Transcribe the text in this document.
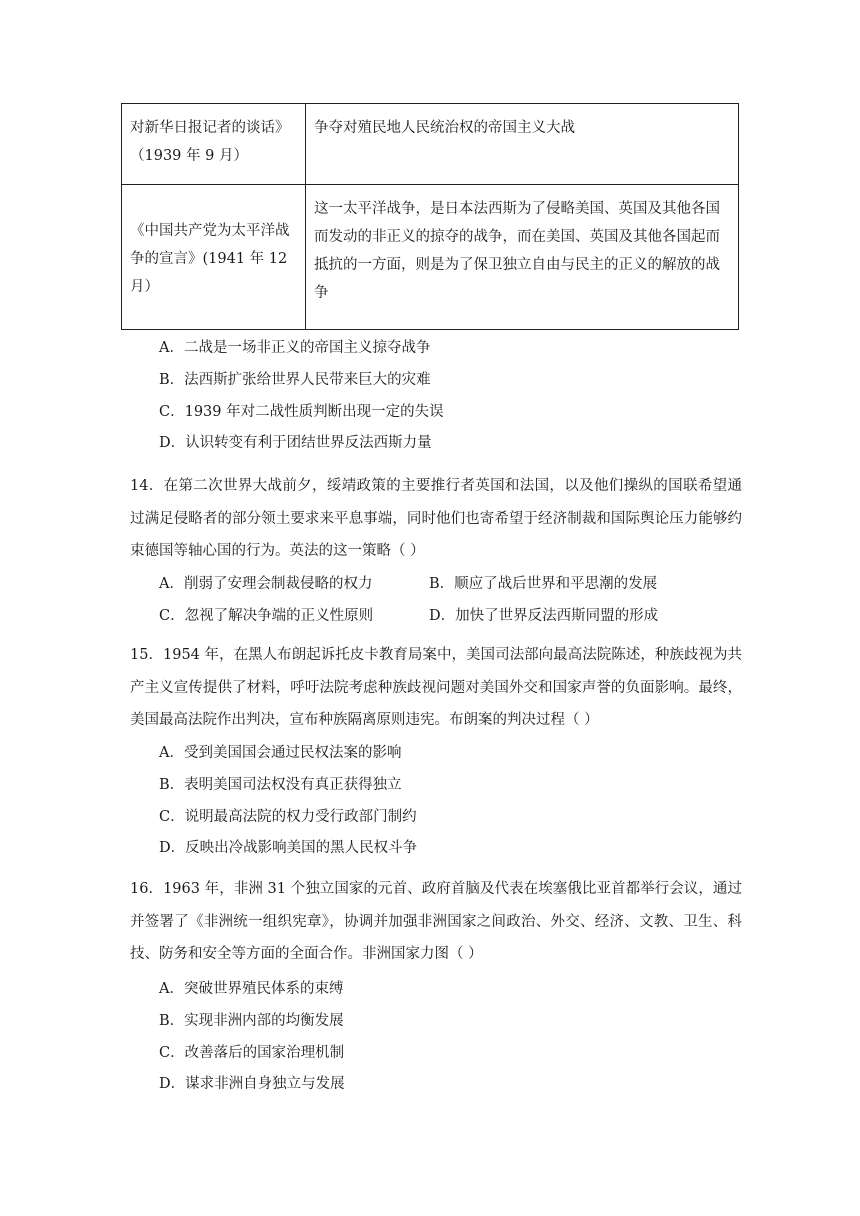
对新华日报记者的谈话》（1939 年 9 月）	争夺对殖民地人民统治权的帝国主义大战
《中国共产党为太平洋战争的宣言》(1941 年 12 月）	这一太平洋战争，是日本法西斯为了侵略美国、英国及其他各国而发动的非正义的掠夺的战争，而在美国、英国及其他各国起而抵抗的一方面，则是为了保卫独立自由与民主的正义的解放的战争
A．二战是一场非正义的帝国主义掠夺战争
B．法西斯扩张给世界人民带来巨大的灾难
C．1939 年对二战性质判断出现一定的失误
D．认识转变有利于团结世界反法西斯力量
14．在第二次世界大战前夕，绥靖政策的主要推行者英国和法国，以及他们操纵的国联希望通过满足侵略者的部分领土要求来平息事端，同时他们也寄希望于经济制裁和国际舆论压力能够约束德国等轴心国的行为。英法的这一策略（ ）
A．削弱了安理会制裁侵略的权力	B．顺应了战后世界和平思潮的发展
C．忽视了解决争端的正义性原则	D．加快了世界反法西斯同盟的形成
15．1954 年，在黑人布朗起诉托皮卡教育局案中，美国司法部向最高法院陈述，种族歧视为共产主义宣传提供了材料，呼吁法院考虑种族歧视问题对美国外交和国家声誉的负面影响。最终，美国最高法院作出判决，宣布种族隔离原则违宪。布朗案的判决过程（ ）
A．受到美国国会通过民权法案的影响
B．表明美国司法权没有真正获得独立
C．说明最高法院的权力受行政部门制约
D．反映出冷战影响美国的黑人民权斗争
16．1963 年，非洲 31 个独立国家的元首、政府首脑及代表在埃塞俄比亚首都举行会议，通过并签署了《非洲统一组织宪章》，协调并加强非洲国家之间政治、外交、经济、文教、卫生、科技、防务和安全等方面的全面合作。非洲国家力图（ ）
A．突破世界殖民体系的束缚
B．实现非洲内部的均衡发展
C．改善落后的国家治理机制
D．谋求非洲自身独立与发展
